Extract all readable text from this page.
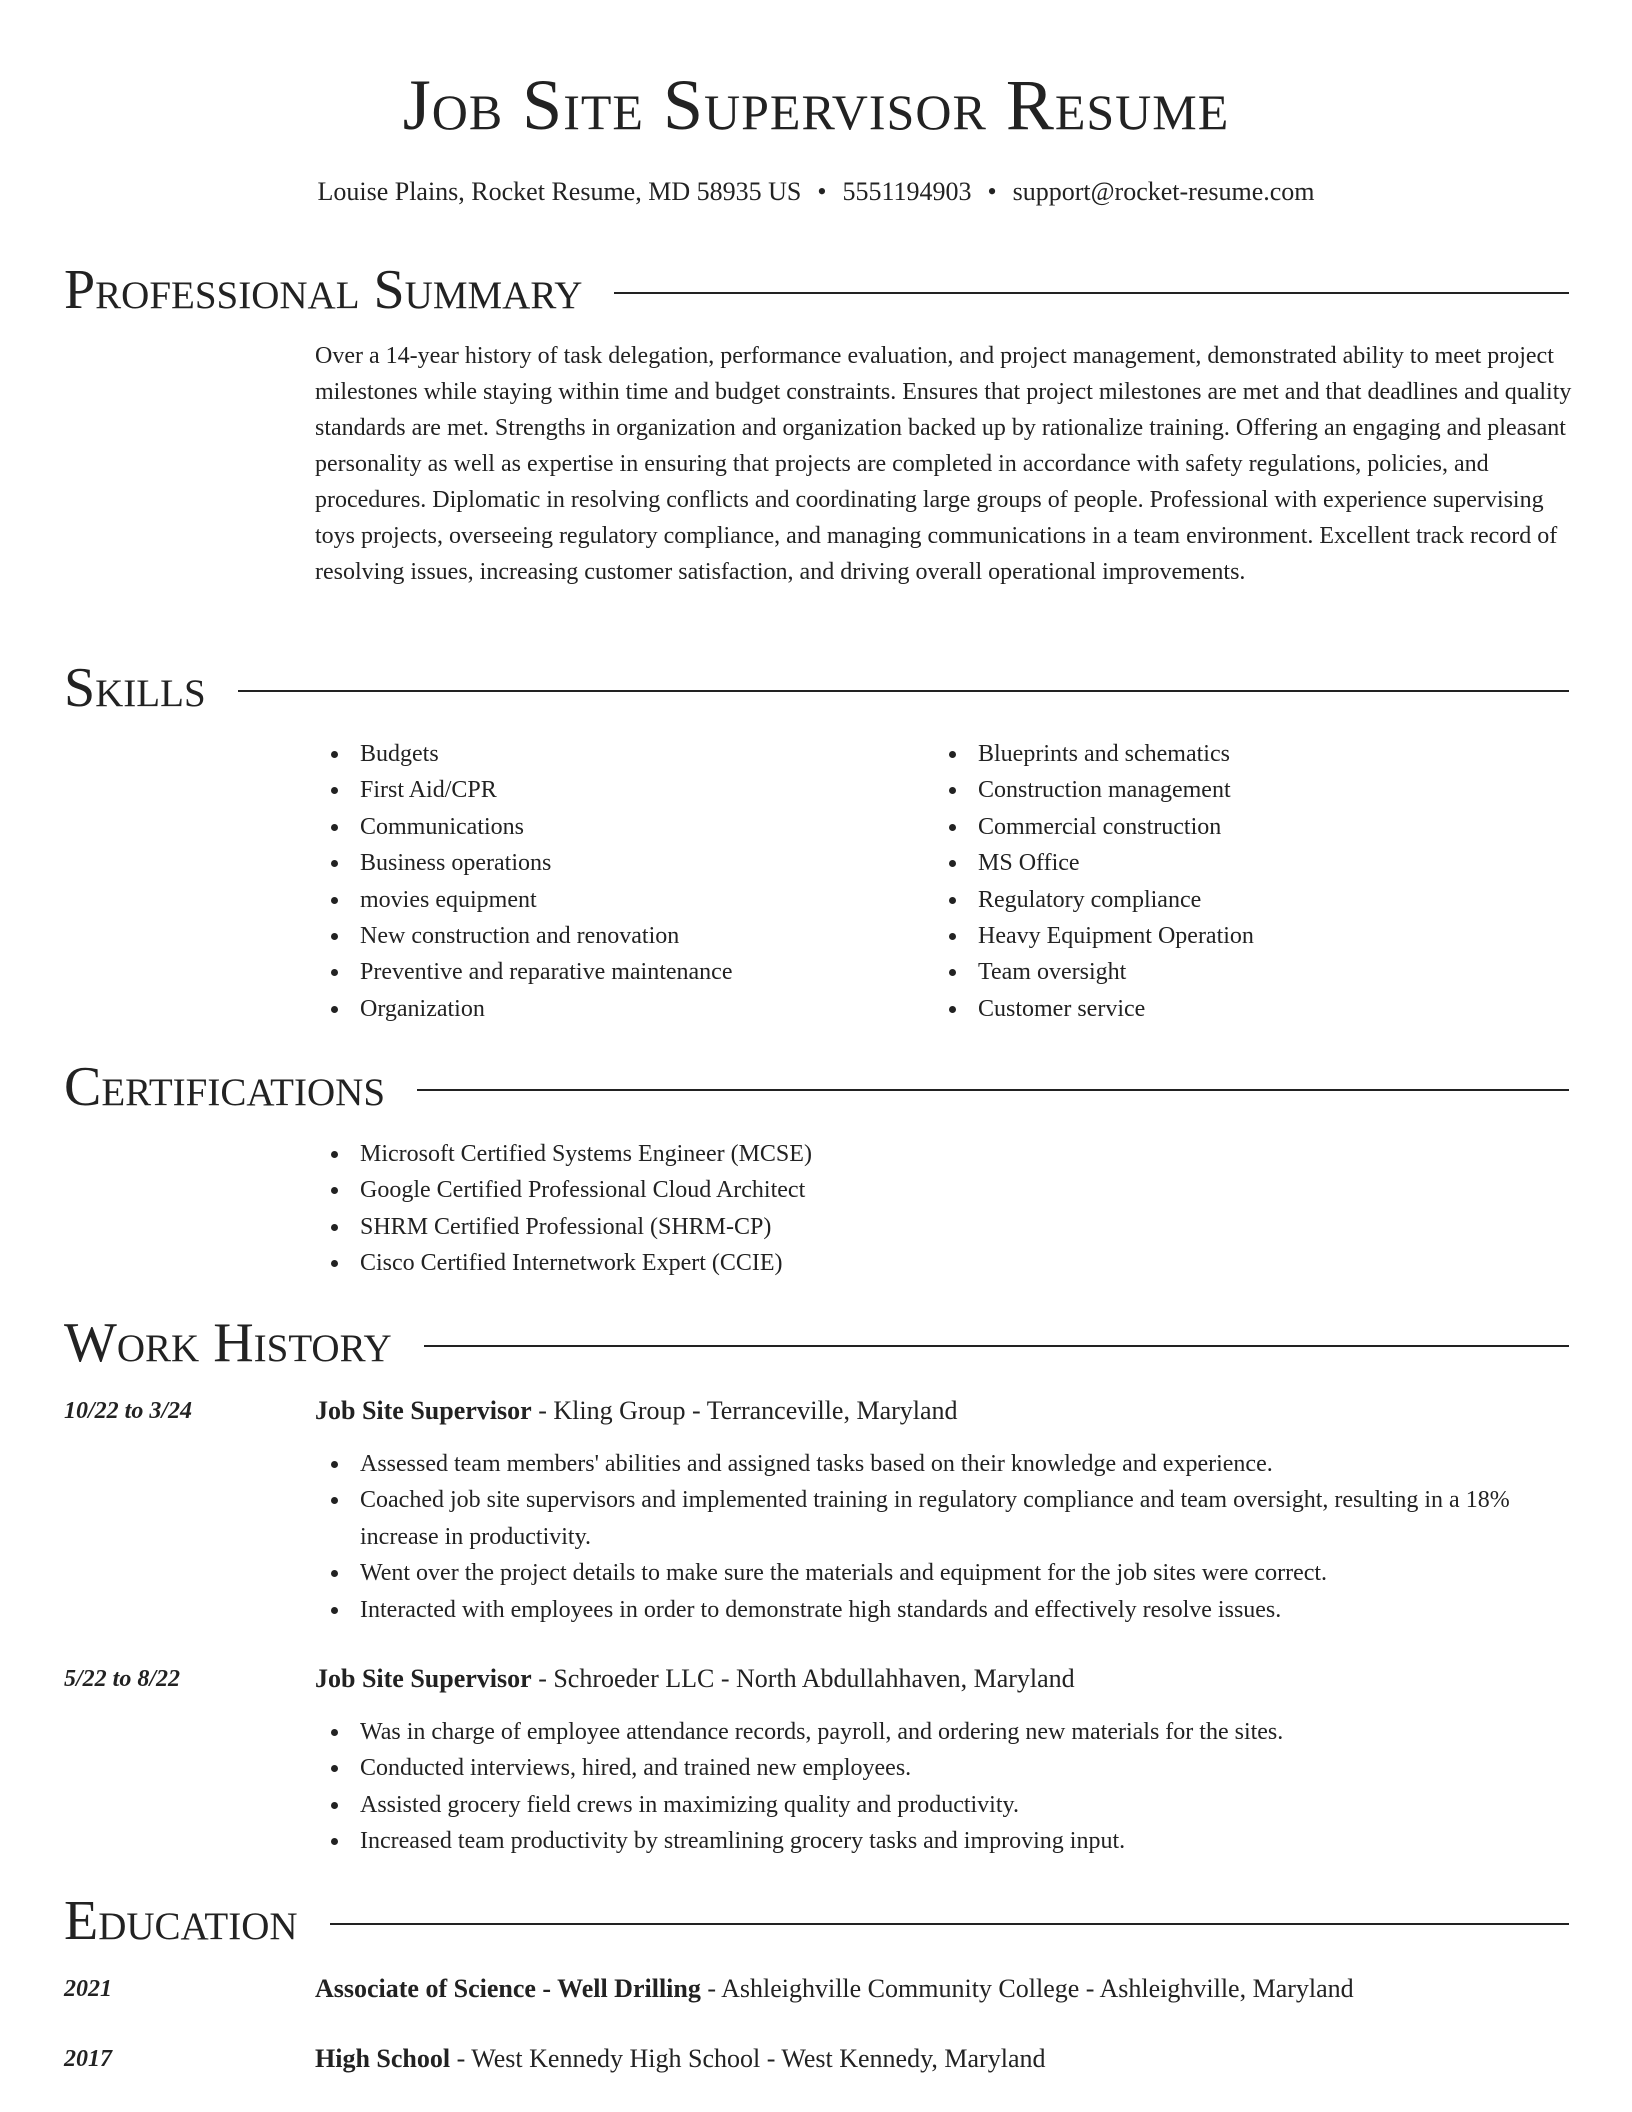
Job Site Supervisor Resume
Louise Plains, Rocket Resume, MD 58935 US • 5551194903 • support@rocket-resume.com
Professional Summary

Over a 14-year history of task delegation, performance evaluation, and project management, demonstrated ability to meet project milestones while staying within time and budget constraints. Ensures that project milestones are met and that deadlines and quality standards are met. Strengths in organization and organization backed up by rationalize training. Offering an engaging and pleasant personality as well as expertise in ensuring that projects are completed in accordance with safety regulations, policies, and procedures. Diplomatic in resolving conflicts and coordinating large groups of people. Professional with experience supervising toys projects, overseeing regulatory compliance, and managing communications in a team environment. Excellent track record of resolving issues, increasing customer satisfaction, and driving overall operational improvements.

Skills
Budgets
First Aid/CPR
Communications
Business operations
movies equipment
New construction and renovation
Preventive and reparative maintenance
Organization
Blueprints and schematics
Construction management
Commercial construction
MS Office
Regulatory compliance
Heavy Equipment Operation
Team oversight
Customer service
Certifications
Microsoft Certified Systems Engineer (MCSE)
Google Certified Professional Cloud Architect
SHRM Certified Professional (SHRM-CP)
Cisco Certified Internetwork Expert (CCIE)
Work History
10/22 to 3/24	Job Site Supervisor - Kling Group - Terranceville, Maryland
Assessed team members' abilities and assigned tasks based on their knowledge and experience.
Coached job site supervisors and implemented training in regulatory compliance and team oversight, resulting in a 18% increase in productivity.
Went over the project details to make sure the materials and equipment for the job sites were correct.
Interacted with employees in order to demonstrate high standards and effectively resolve issues.
5/22 to 8/22	Job Site Supervisor - Schroeder LLC - North Abdullahhaven, Maryland
Was in charge of employee attendance records, payroll, and ordering new materials for the sites.
Conducted interviews, hired, and trained new employees.
Assisted grocery field crews in maximizing quality and productivity.
Increased team productivity by streamlining grocery tasks and improving input.
Education
2021	Associate of Science - Well Drilling - Ashleighville Community College - Ashleighville, Maryland
2017	High School - West Kennedy High School - West Kennedy, Maryland
